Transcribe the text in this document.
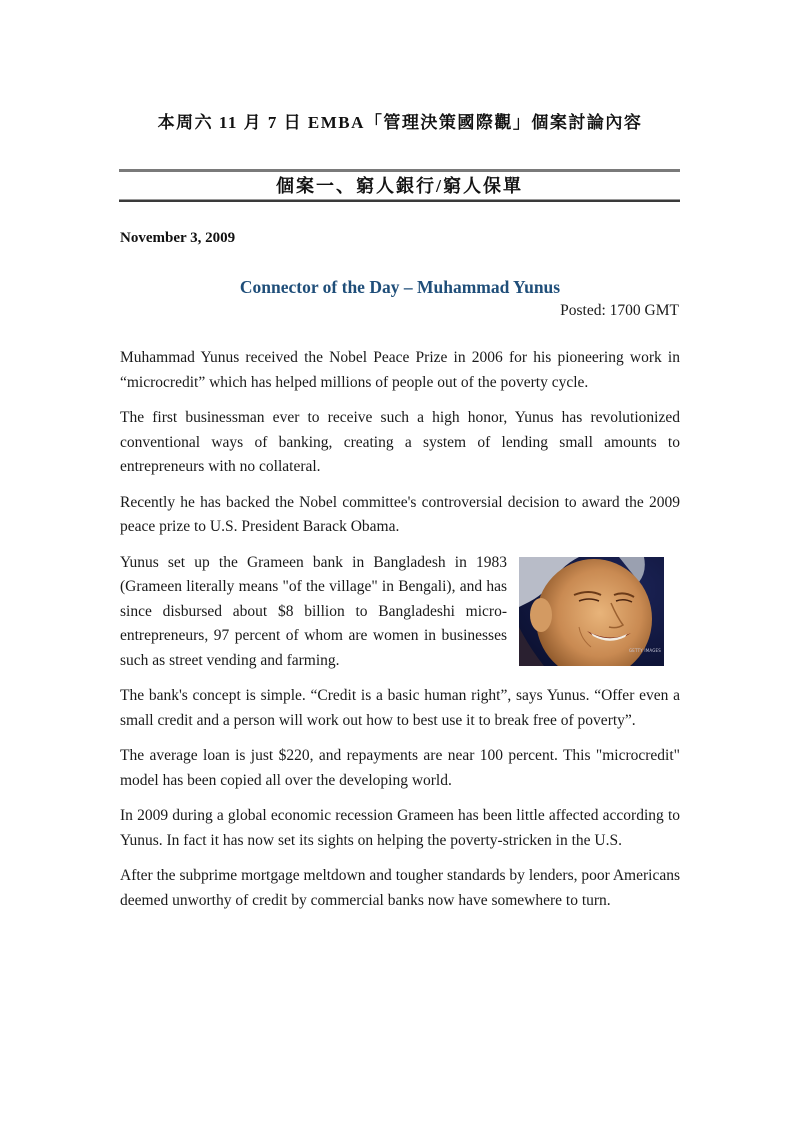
本周六 11 月 7 日 EMBA「管理決策國際觀」個案討論內容
個案一、窮人銀行/窮人保單
November 3, 2009
Connector of the Day – Muhammad Yunus
Posted: 1700 GMT

Muhammad Yunus received the Nobel Peace Prize in 2006 for his pioneering work in “microcredit” which has helped millions of people out of the poverty cycle.

The first businessman ever to receive such a high honor, Yunus has revolutionized conventional ways of banking, creating a system of lending small amounts to entrepreneurs with no collateral.

Recently he has backed the Nobel committee's controversial decision to award the 2009 peace prize to U.S. President Barack Obama.

GETTY IMAGES

Yunus set up the Grameen bank in Bangladesh in 1983 (Grameen literally means "of the village" in Bengali), and has since disbursed about $8 billion to Bangladeshi micro-entrepreneurs, 97 percent of whom are women in businesses such as street vending and farming.

The bank's concept is simple. “Credit is a basic human right”, says Yunus. “Offer even a small credit and a person will work out how to best use it to break free of poverty”.

The average loan is just $220, and repayments are near 100 percent. This "microcredit" model has been copied all over the developing world.

In 2009 during a global economic recession Grameen has been little affected according to Yunus. In fact it has now set its sights on helping the poverty-stricken in the U.S.

After the subprime mortgage meltdown and tougher standards by lenders, poor Americans deemed unworthy of credit by commercial banks now have somewhere to turn.
